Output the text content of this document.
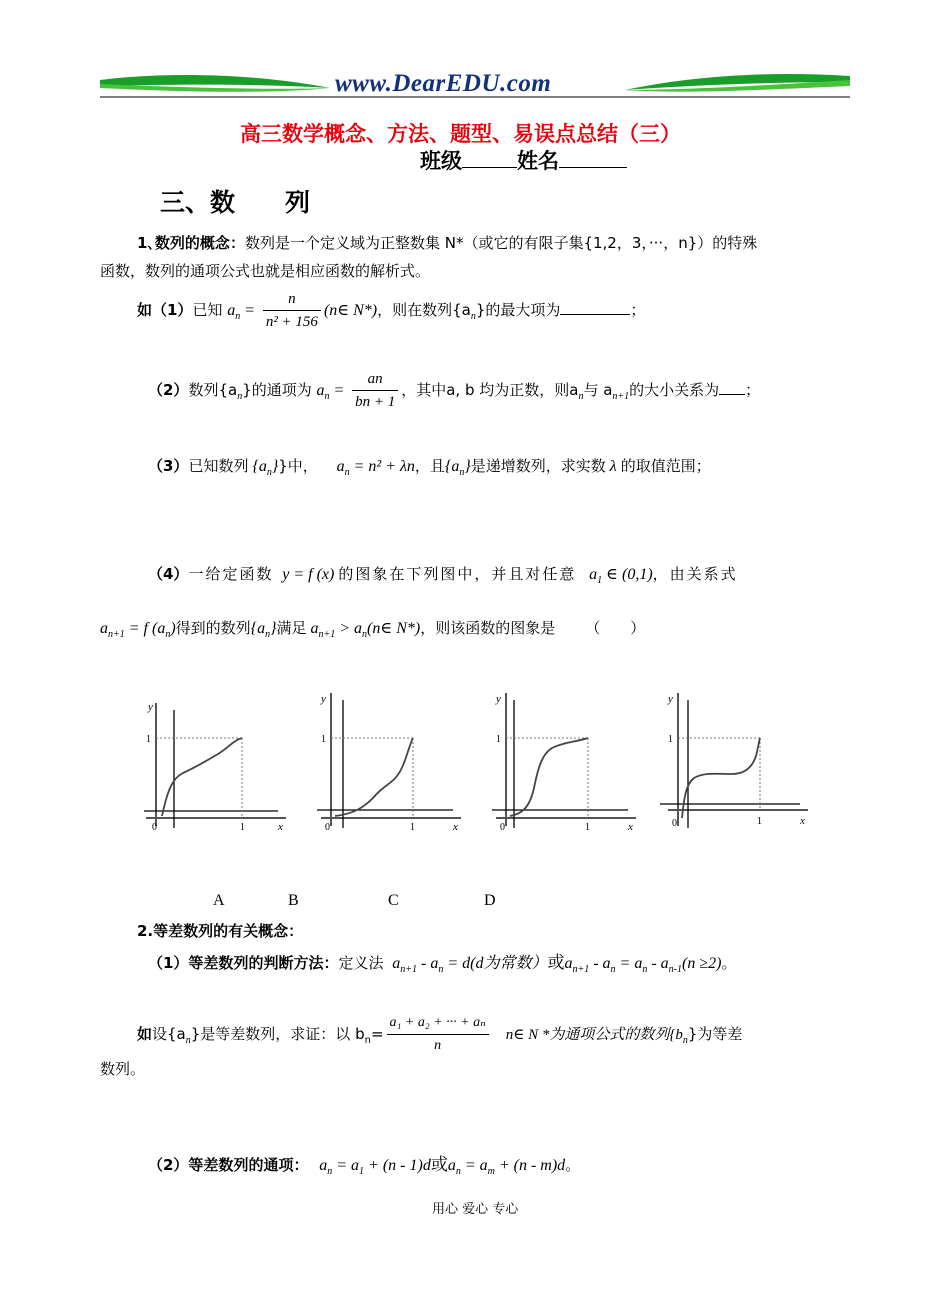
www.DearEDU.com
高三数学概念、方法、题型、易误点总结（三）
班级	姓名
三、数　　列
1､数列的概念：数列是一个定义域为正整数集 N*（或它的有限子集{1,2，3，···，n}）的特殊
函数，数列的通项公式也就是相应函数的解析式。
如（1）已知 $a_n = \frac{n}{\text{n² + 156}}$ (n∈ N*)，则在数列$\{a_n\}$的最大项为	；
（2）数列$\{a_n\}$的通项为 $a_n = \frac{an}{bn + 1}$ ，其中a, b 均为正数，则$a_n$与 $a_{n+1}$的大小关系为 ；
（3）已知数列 $\{a_n\}$}中， $a_n = n^2 + \lambda n$，且$\{a_n\}$是递增数列，求实数 λ 的取值范围；
（4）一给定函数 y = f (x) 的图象在下列图中，并且对任意 $a_1$ ∈ (0,1)，由关系式
$a_{n+1} = f$ $(a_n)$得到的数列$\{a_n\}$满足 $a_{n+1}$ > $a_n(n\in$ N*)，则该函数的图象是 （　　）
y
1
0	1	x
y
1
0	1	x
y
1
0	1	x
y
1
0	1	x
A	B	C	D
2.等差数列的有关概念：
（1）等差数列的判断方法：定义法 $a_{n+1} - a_n = d(d$为常数）或$a_{n+1} - a_n = a_n - a_{n-1}(n \ge 2)$。
如设$\{a_n\}$是等差数列，求证：以 $b_n= \frac{\text{a₁ + a₂ + ··· + aₙ}}{n}$ n∈ N *为通项公式的数列$\{b_n\}$为等差
数列。
（2）等差数列的通项： $a_n = a_1 + (n - 1)d$或$a_n = a_m + (n - m)d$。
用心 爱心 专心
